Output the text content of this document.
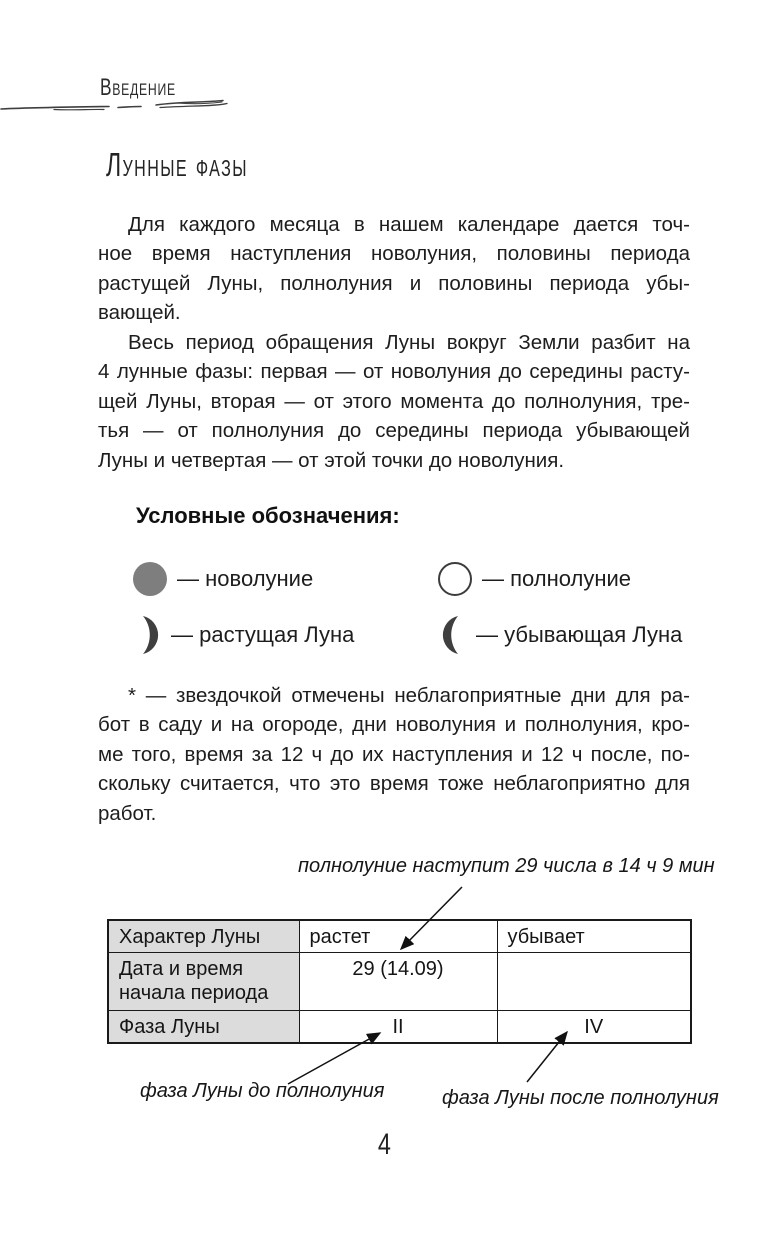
Введение
Лунные фазы
Для каждого месяца в нашем календаре дается точ-
ное время наступления новолуния, половины периода
растущей Луны, полнолуния и половины периода убы-
вающей.
Весь период обращения Луны вокруг Земли разбит на
4 лунные фазы: первая — от новолуния до середины расту-
щей Луны, вторая — от этого момента до полнолуния, тре-
тья — от полнолуния до середины периода убывающей
Луны и четвертая — от этой точки до новолуния.
Условные обозначения:
— новолуние	— полнолуние
— растущая Луна	— убывающая Луна
* — звездочкой отмечены неблагоприятные дни для ра-
бот в саду и на огороде, дни новолуния и полнолуния, кро-
ме того, время за 12 ч до их наступления и 12 ч после, по-
скольку считается, что это время тоже неблагоприятно для
работ.
полнолуние наступит 29 числа в 14 ч 9 мин
Характер Луны	растет	убывает
Дата и время начала периода	29 (14.09)	
Фаза Луны	II	IV
фаза Луны до полнолуния	фаза Луны после полнолуния
4
